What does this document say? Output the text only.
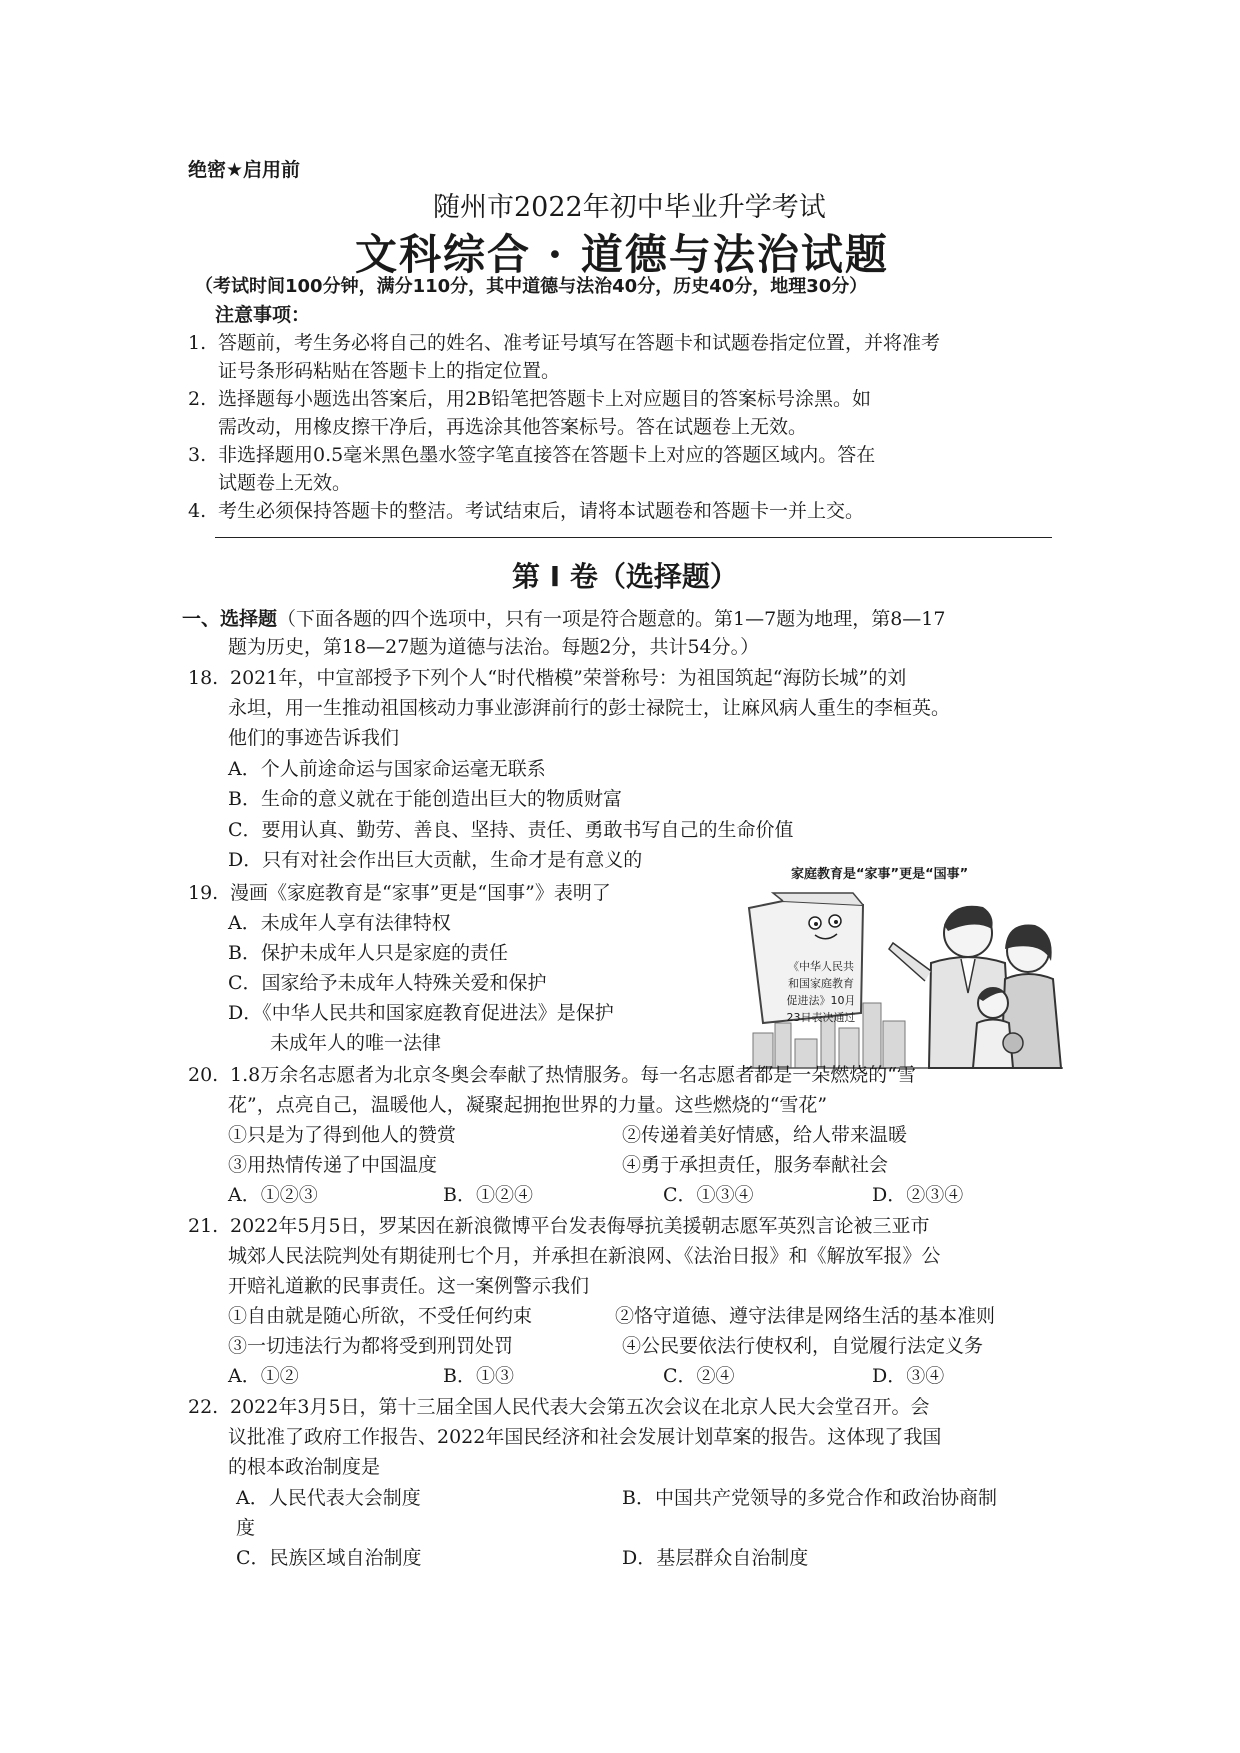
绝密★启用前
随州市2022年初中毕业升学考试
文科综合 · 道德与法治试题
（考试时间100分钟，满分110分，其中道德与法治40分，历史40分，地理30分）
注意事项：
1. 答题前，考生务必将自己的姓名、准考证号填写在答题卡和试题卷指定位置，并将准考
证号条形码粘贴在答题卡上的指定位置。
2. 选择题每小题选出答案后，用2B铅笔把答题卡上对应题目的答案标号涂黑。如
需改动，用橡皮擦干净后，再选涂其他答案标号。答在试题卷上无效。
3. 非选择题用0.5毫米黑色墨水签字笔直接答在答题卡上对应的答题区域内。答在
试题卷上无效。
4. 考生必须保持答题卡的整洁。考试结束后，请将本试题卷和答题卡一并上交。
第 I 卷（选择题）
一、选择题（下面各题的四个选项中，只有一项是符合题意的。第1—7题为地理，第8—17
题为历史，第18—27题为道德与法治。每题2分，共计54分。）
18. 2021年，中宣部授予下列个人“时代楷模”荣誉称号：为祖国筑起“海防长城”的刘
永坦，用一生推动祖国核动力事业澎湃前行的彭士禄院士，让麻风病人重生的李桓英。
他们的事迹告诉我们
A．个人前途命运与国家命运毫无联系
B．生命的意义就在于能创造出巨大的物质财富
C．要用认真、勤劳、善良、坚持、责任、勇敢书写自己的生命价值
D．只有对社会作出巨大贡献，生命才是有意义的
19. 漫画《家庭教育是“家事”更是“国事”》表明了
A．未成年人享有法律特权
B．保护未成年人只是家庭的责任
C．国家给予未成年人特殊关爱和保护
D．《中华人民共和国家庭教育促进法》是保护
未成年人的唯一法律
家庭教育是“家事”更是“国事”
《中华人民共
和国家庭教育
促进法》10月
23日表决通过
20. 1.8万余名志愿者为北京冬奥会奉献了热情服务。每一名志愿者都是一朵燃烧的“雪
花”，点亮自己，温暖他人，凝聚起拥抱世界的力量。这些燃烧的“雪花”
①只是为了得到他人的赞赏	②传递着美好情感，给人带来温暖
③用热情传递了中国温度	④勇于承担责任，服务奉献社会
A．①②③	B．①②④	C．①③④	D．②③④
21. 2022年5月5日，罗某因在新浪微博平台发表侮辱抗美援朝志愿军英烈言论被三亚市
城郊人民法院判处有期徒刑七个月，并承担在新浪网、《法治日报》和《解放军报》公
开赔礼道歉的民事责任。这一案例警示我们
①自由就是随心所欲，不受任何约束	②恪守道德、遵守法律是网络生活的基本准则
③一切违法行为都将受到刑罚处罚	④公民要依法行使权利，自觉履行法定义务
A．①②	B．①③	C．②④	D．③④
22. 2022年3月5日，第十三届全国人民代表大会第五次会议在北京人民大会堂召开。会
议批准了政府工作报告、2022年国民经济和社会发展计划草案的报告。这体现了我国
的根本政治制度是
A．人民代表大会制度	B．中国共产党领导的多党合作和政治协商制
度
C．民族区域自治制度	D．基层群众自治制度
